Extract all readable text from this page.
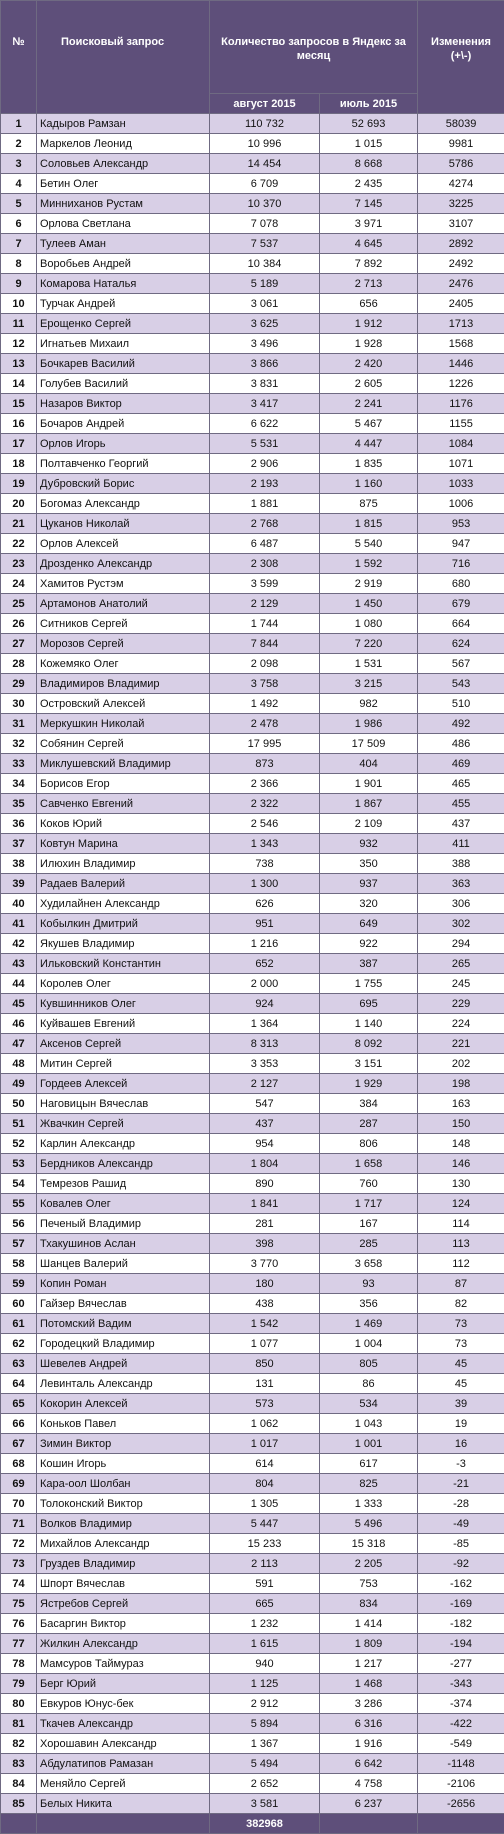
№	Поисковый запрос	Количество запросов в Яндекс за месяц		Изменения (+\-)
		август 2015	июль 2015	
1	Кадыров Рамзан	110 732	52 693	58039
2	Маркелов Леонид	10 996	1 015	9981
3	Соловьев Александр	14 454	8 668	5786
4	Бетин Олег	6 709	2 435	4274
5	Минниханов Рустам	10 370	7 145	3225
6	Орлова Светлана	7 078	3 971	3107
7	Тулеев Аман	7 537	4 645	2892
8	Воробьев Андрей	10 384	7 892	2492
9	Комарова Наталья	5 189	2 713	2476
10	Турчак Андрей	3 061	656	2405
11	Ерощенко Сергей	3 625	1 912	1713
12	Игнатьев Михаил	3 496	1 928	1568
13	Бочкарев Василий	3 866	2 420	1446
14	Голубев Василий	3 831	2 605	1226
15	Назаров Виктор	3 417	2 241	1176
16	Бочаров Андрей	6 622	5 467	1155
17	Орлов Игорь	5 531	4 447	1084
18	Полтавченко Георгий	2 906	1 835	1071
19	Дубровский Борис	2 193	1 160	1033
20	Богомаз Александр	1 881	875	1006
21	Цуканов Николай	2 768	1 815	953
22	Орлов Алексей	6 487	5 540	947
23	Дрозденко Александр	2 308	1 592	716
24	Хамитов Рустэм	3 599	2 919	680
25	Артамонов Анатолий	2 129	1 450	679
26	Ситников Сергей	1 744	1 080	664
27	Морозов Сергей	7 844	7 220	624
28	Кожемяко Олег	2 098	1 531	567
29	Владимиров Владимир	3 758	3 215	543
30	Островский Алексей	1 492	982	510
31	Меркушкин Николай	2 478	1 986	492
32	Собянин Сергей	17 995	17 509	486
33	Миклушевский Владимир	873	404	469
34	Борисов Егор	2 366	1 901	465
35	Савченко Евгений	2 322	1 867	455
36	Коков Юрий	2 546	2 109	437
37	Ковтун Марина	1 343	932	411
38	Илюхин Владимир	738	350	388
39	Радаев Валерий	1 300	937	363
40	Худилайнен Александр	626	320	306
41	Кобылкин Дмитрий	951	649	302
42	Якушев Владимир	1 216	922	294
43	Ильковский Константин	652	387	265
44	Королев Олег	2 000	1 755	245
45	Кувшинников Олег	924	695	229
46	Куйвашев Евгений	1 364	1 140	224
47	Аксенов Сергей	8 313	8 092	221
48	Митин Сергей	3 353	3 151	202
49	Гордеев Алексей	2 127	1 929	198
50	Наговицын Вячеслав	547	384	163
51	Жвачкин Сергей	437	287	150
52	Карлин Александр	954	806	148
53	Бердников Александр	1 804	1 658	146
54	Темрезов Рашид	890	760	130
55	Ковалев Олег	1 841	1 717	124
56	Печеный Владимир	281	167	114
57	Тхакушинов Аслан	398	285	113
58	Шанцев Валерий	3 770	3 658	112
59	Копин Роман	180	93	87
60	Гайзер Вячеслав	438	356	82
61	Потомский Вадим	1 542	1 469	73
62	Городецкий Владимир	1 077	1 004	73
63	Шевелев Андрей	850	805	45
64	Левинталь Александр	131	86	45
65	Кокорин Алексей	573	534	39
66	Коньков Павел	1 062	1 043	19
67	Зимин Виктор	1 017	1 001	16
68	Кошин Игорь	614	617	-3
69	Кара-оол Шолбан	804	825	-21
70	Толоконский Виктор	1 305	1 333	-28
71	Волков Владимир	5 447	5 496	-49
72	Михайлов Александр	15 233	15 318	-85
73	Груздев Владимир	2 113	2 205	-92
74	Шпорт Вячеслав	591	753	-162
75	Ястребов Сергей	665	834	-169
76	Басаргин Виктор	1 232	1 414	-182
77	Жилкин Александр	1 615	1 809	-194
78	Мамсуров Таймураз	940	1 217	-277
79	Берг Юрий	1 125	1 468	-343
80	Евкуров Юнус-бек	2 912	3 286	-374
81	Ткачев Александр	5 894	6 316	-422
82	Хорошавин Александр	1 367	1 916	-549
83	Абдулатипов Рамазан	5 494	6 642	-1148
84	Меняйло Сергей	2 652	4 758	-2106
85	Белых Никита	3 581	6 237	-2656
		382968		
